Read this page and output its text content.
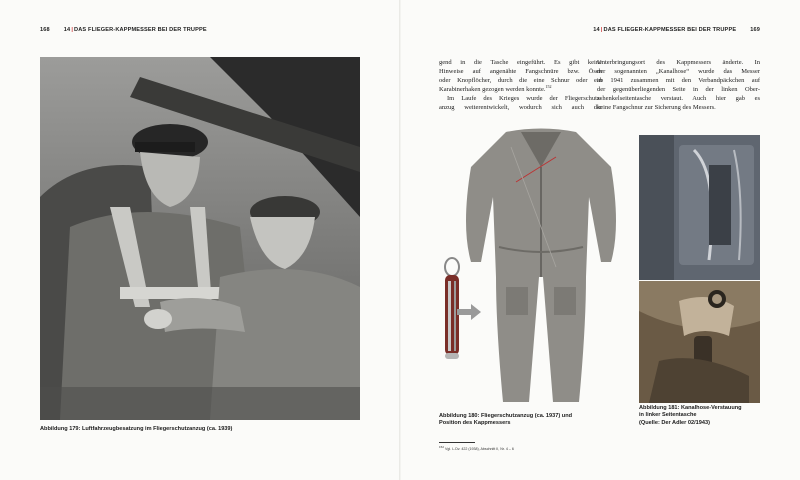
168	14|DAS FLIEGER-KAPPMESSER BEI DER TRUPPE	14|DAS FLIEGER-KAPPMESSER BEI DER TRUPPE	169
Abbildung 179: Luftfahrzeugbesatzung im Fliegerschutzanzug (ca. 1939)
gend in die Tasche eingeführt. Es gibt keine
Hinweise auf angenähte Fangschnüre bzw. Ösen
oder Knopflöcher, durch die eine Schnur oder ein
Karabinerhaken gezogen werden konnte.$^{152}$
Im Laufe des Krieges wurde der Fliegerschutz-
anzug weiterentwickelt, wodurch sich auch der
Unterbringungsort des Kappmessers änderte. In
der sogenannten „Kanalhose“ wurde das Messer
ab 1941 zusammen mit den Verbandpäckchen auf
der gegenüberliegenden Seite in der linken Ober-
schenkelseitentasche verstaut. Auch hier gab es
keine Fangschnur zur Sicherung des Messers.
Abbildung 180: Fliegerschutzanzug (ca. 1937) und
Position des Kappmessers
Abbildung 181: Kanalhose-Verstauung
in linker Seitentasche
(Quelle: Der Adler 02/1943)
$^{152}$ Vgl. L.Dv. 422 (1938), Abschnitt II, Nr. 4 – 6
